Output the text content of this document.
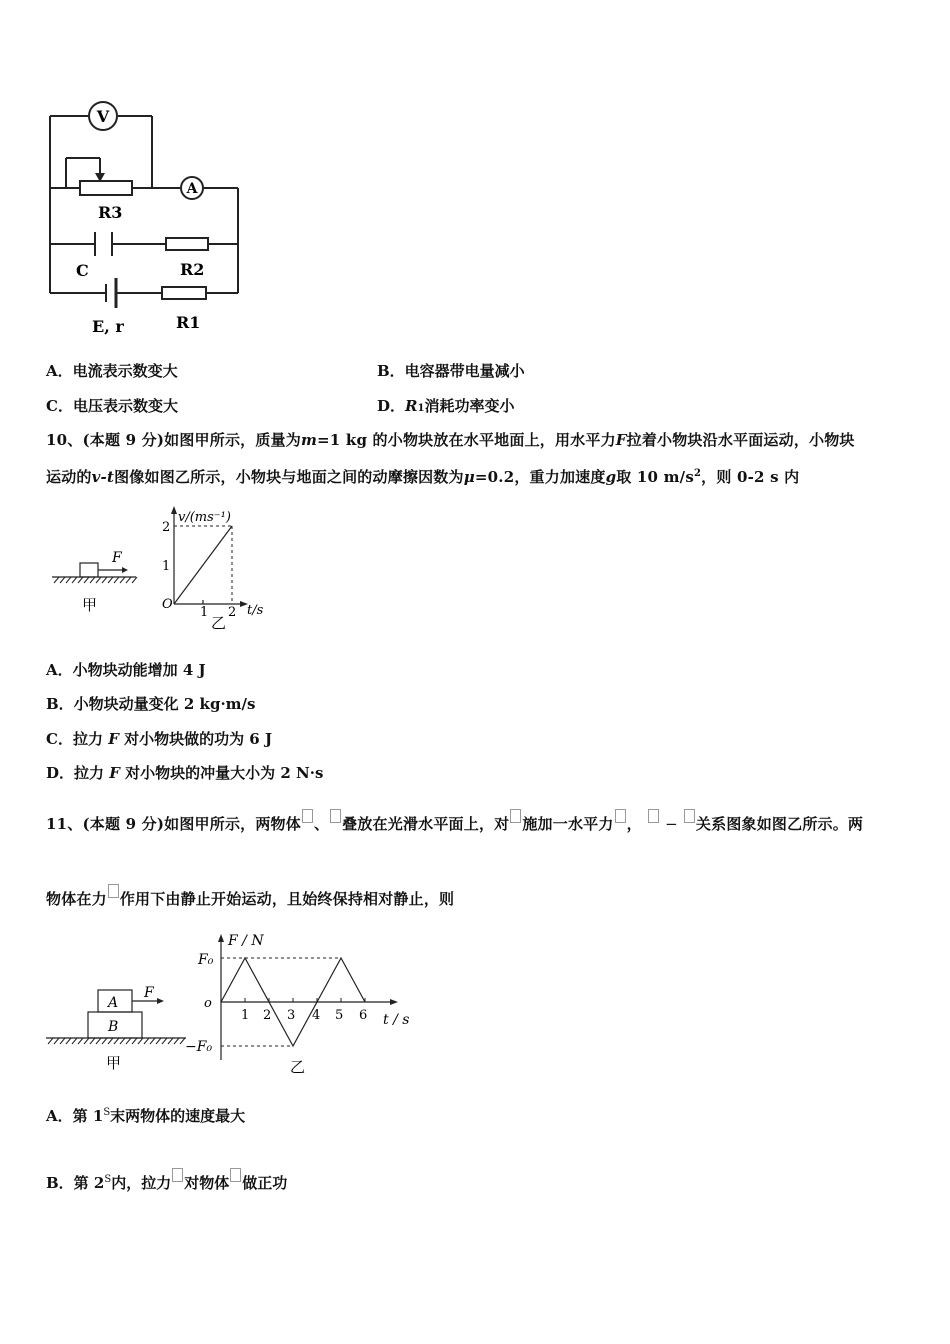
V
A
R3
R2
C
E, r	R1
A．电流表示数变大	B．电容器带电量减小
C．电压表示数变大	D．R1消耗功率变小
10、(本题 9 分)如图甲所示，质量为m=1 kg 的小物块放在水平地面上，用水平力F拉着小物块沿水平面运动，小物块
运动的v-t图像如图乙所示，小物块与地面之间的动摩擦因数为μ=0.2，重力加速度g取 10 $m/s^2$，则 0-2 s 内
F
甲
v/(ms⁻¹)
t/s
O
1
2
1 2
乙
A．小物块动能增加 4 J
B．小物块动量变化 2 kg·m/s
C．拉力 F 对小物块做的功为 6 J
D．拉力 F 对小物块的冲量大小为 2 N·s
11、(本题 9 分)如图甲所示，两物体 、 叠放在光滑水平面上，对 施加一水平力 ，  − 关系图象如图乙所示。两
物体在力 作用下由静止开始运动，且始终保持相对静止，则
A
B
F
甲
F / N
t / s
o
F₀
−F₀
1 2 3 4 5 6
乙
A．第 $1^S$末两物体的速度最大
B．第 $2^S$内，拉力 对物体 做正功
